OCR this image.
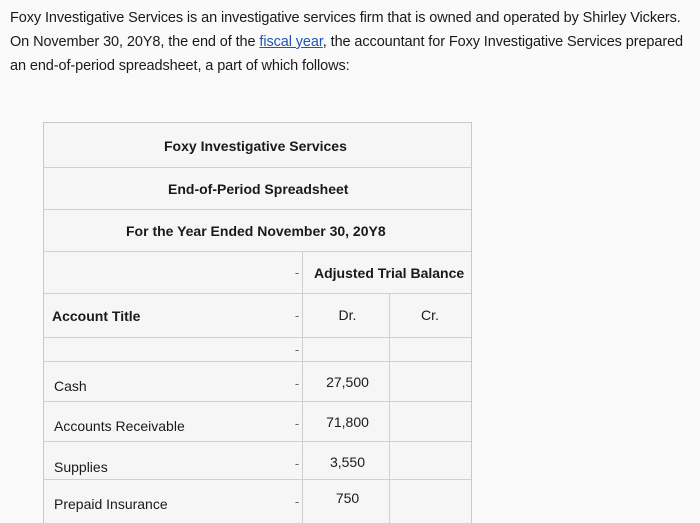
Foxy Investigative Services is an investigative services firm that is owned and operated by Shirley Vickers.
On November 30, 20Y8, the end of the fiscal year, the accountant for Foxy Investigative Services prepared
an end-of-period spreadsheet, a part of which follows:
Foxy Investigative Services
End-of-Period Spreadsheet
For the Year Ended November 30, 20Y8
- Adjusted Trial Balance
Account Title	-	Dr.	Cr.
-
Cash	-	27,500
Accounts Receivable	-	71,800
Supplies	-	3,550
Prepaid Insurance	-	750
